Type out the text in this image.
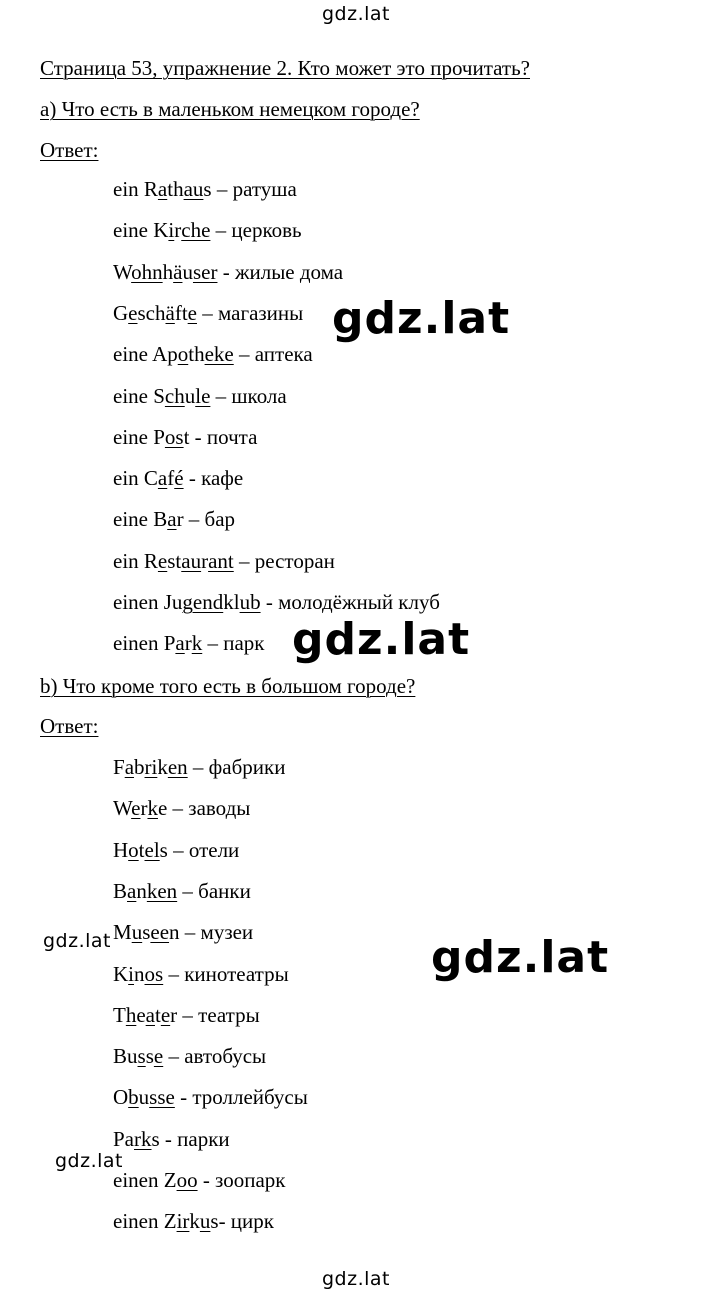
gdz.lat
gdz.lat
gdz.lat
gdz.lat	gdz.lat
gdz.lat
gdz.lat
Страница 53, упражнение 2. Кто может это прочитать?
а) Что есть в маленьком немецком городе?
Ответ:
ein Rathaus – ратуша
eine Kirche – церковь
Wohnhäuser - жилые дома
Geschäfte – магазины
eine Apotheke – аптека
eine Schule – школа
eine Post - почта
ein Café - кафе
eine Bar – бар
ein Restaurant – ресторан
einen Jugendklub - молодёжный клуб
einen Park – парк
b) Что кроме того есть в большом городе?
Ответ:
Fabriken – фабрики
Werke – заводы
Hotels – отели
Banken – банки
Museen – музеи
Kinos – кинотеатры
Theater – театры
Busse – автобусы
Obusse - троллейбусы
Parks - парки
einen Zoo - зоопарк
einen Zirkus- цирк
